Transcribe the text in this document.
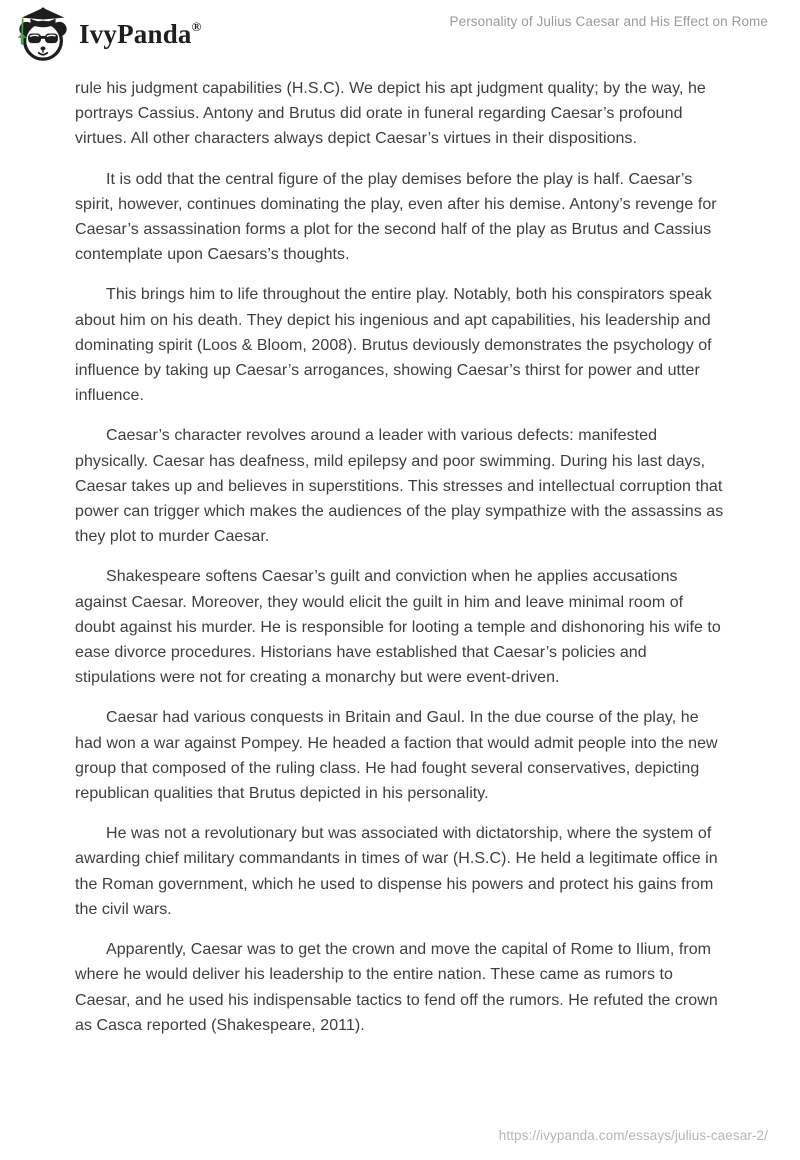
IvyPanda®	Personality of Julius Caesar and His Effect on Rome

rule his judgment capabilities (H.S.C). We depict his apt judgment quality; by the way, he portrays Cassius. Antony and Brutus did orate in funeral regarding Caesar’s profound virtues. All other characters always depict Caesar’s virtues in their dispositions.

It is odd that the central figure of the play demises before the play is half. Caesar’s spirit, however, continues dominating the play, even after his demise. Antony’s revenge for Caesar’s assassination forms a plot for the second half of the play as Brutus and Cassius contemplate upon Caesars’s thoughts.

This brings him to life throughout the entire play. Notably, both his conspirators speak about him on his death. They depict his ingenious and apt capabilities, his leadership and dominating spirit (Loos & Bloom, 2008). Brutus deviously demonstrates the psychology of influence by taking up Caesar’s arrogances, showing Caesar’s thirst for power and utter influence.

Caesar’s character revolves around a leader with various defects: manifested physically. Caesar has deafness, mild epilepsy and poor swimming. During his last days, Caesar takes up and believes in superstitions. This stresses and intellectual corruption that power can trigger which makes the audiences of the play sympathize with the assassins as they plot to murder Caesar.

Shakespeare softens Caesar’s guilt and conviction when he applies accusations against Caesar. Moreover, they would elicit the guilt in him and leave minimal room of doubt against his murder. He is responsible for looting a temple and dishonoring his wife to ease divorce procedures. Historians have established that Caesar’s policies and stipulations were not for creating a monarchy but were event-driven.

Caesar had various conquests in Britain and Gaul. In the due course of the play, he had won a war against Pompey. He headed a faction that would admit people into the new group that composed of the ruling class. He had fought several conservatives, depicting republican qualities that Brutus depicted in his personality.

He was not a revolutionary but was associated with dictatorship, where the system of awarding chief military commandants in times of war (H.S.C). He held a legitimate office in the Roman government, which he used to dispense his powers and protect his gains from the civil wars.

Apparently, Caesar was to get the crown and move the capital of Rome to Ilium, from where he would deliver his leadership to the entire nation. These came as rumors to Caesar, and he used his indispensable tactics to fend off the rumors. He refuted the crown as Casca reported (Shakespeare, 2011).

https://ivypanda.com/essays/julius-caesar-2/
